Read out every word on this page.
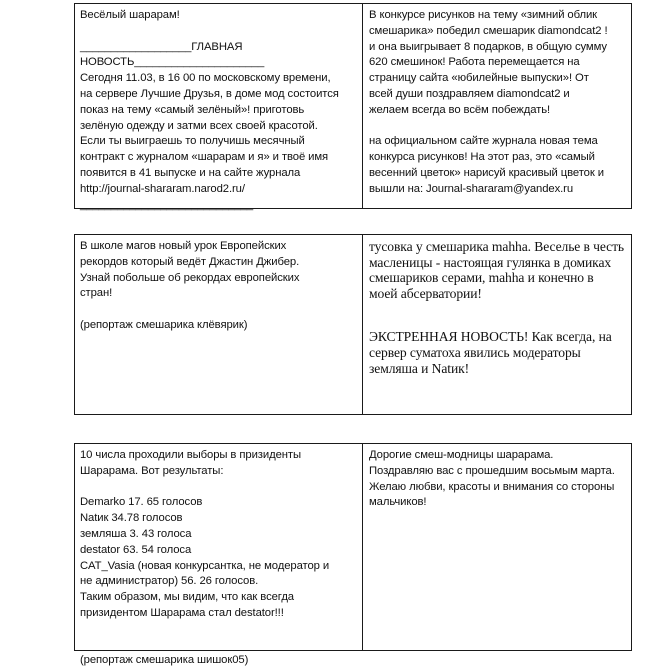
Весёлый шарарам!
__________________ГЛАВНАЯ
НОВОСТЬ_____________________
Сегодня 11.03, в 16 00 по московскому времени,
на сервере Лучшие Друзья, в доме мод состоится
показ на тему «самый зелёный»! приготовь
зелёную одежду и затми всех своей красотой.
Если ты выиграешь то получишь месячный
контракт с журналом «шарарам и я» и твоё имя
появится в 41 выпуске и на сайте журнала
http://journal-shararam.narod2.ru/
____________________________
В конкурсе рисунков на тему «зимний облик
смешарика» победил смешарик diamondcat2 !
и она выигрывает 8 подарков, в общую сумму
620 смешинок! Работа перемещается на
страницу сайта «юбилейные выпуски»! От
всей души поздравляем diamondcat2 и
желаем всегда во всём побеждать!
на официальном сайте журнала новая тема
конкурса рисунков! На этот раз, это «самый
весенний цветок» нарисуй красивый цветок и
вышли на: Journal-shararam@yandex.ru
В школе магов новый урок Европейских
рекордов который ведёт Джастин Джибер.
Узнай побольше об рекордах европейских
стран!
(репортаж смешарика клёвярик)
тусовка у смешарика mahha. Веселье в честь
масленицы - настоящая гулянка в домиках
смешариков серами, mahha и конечно в
моей абсерватории!
ЭКСТРЕННАЯ НОВОСТЬ! Как всегда, на
сервер суматоха явились модераторы
земляша и Natик!
10 числа проходили выборы в призиденты
Шарарама. Вот результаты:
Demarko 17. 65 голосов
Natик 34.78 голосов
земляша 3. 43 голоса
destator 63. 54 голоса
CAT_Vasia (новая конкурсантка, не модератор и
не администратор) 56. 26 голосов.
Таким образом, мы видим, что как всегда
призидентом Шарарама стал destator!!!
(репортаж смешарика шишок05)
Дорогие смеш-модницы шарарама.
Поздравляю вас с прошедшим восьмым марта.
Желаю любви, красоты и внимания со стороны
мальчиков!
